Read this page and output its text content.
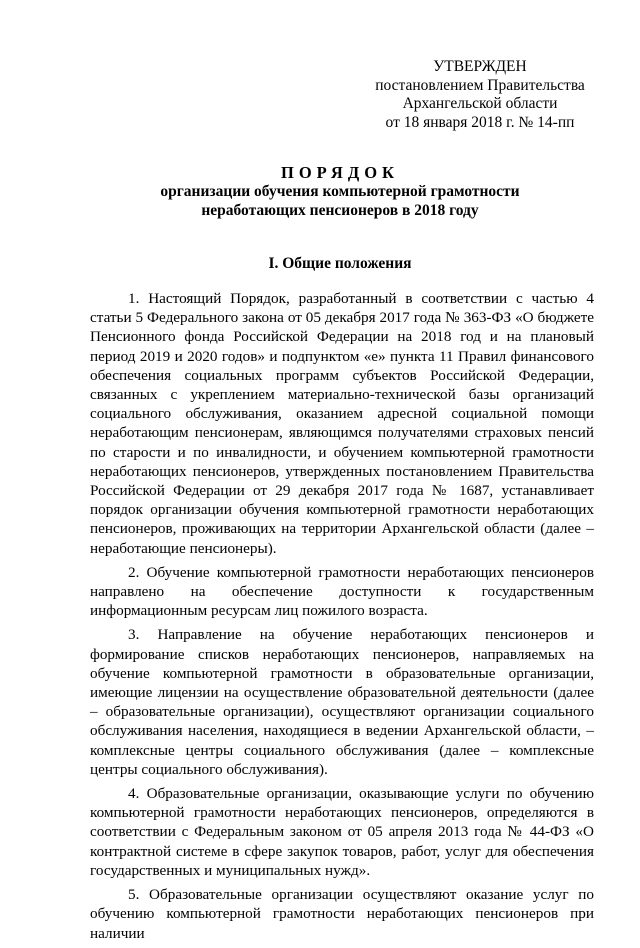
УТВЕРЖДЕН
постановлением Правительства
Архангельской области
от 18 января 2018 г. № 14-пп
ПОРЯДОК
организации обучения компьютерной грамотности
неработающих пенсионеров в 2018 году
I. Общие положения

1. Настоящий Порядок, разработанный в соответствии с частью 4 статьи 5 Федерального закона от 05 декабря 2017 года № 363-ФЗ «О бюджете Пенсионного фонда Российской Федерации на 2018 год и на плановый период 2019 и 2020 годов» и подпунктом «е» пункта 11 Правил финансового обеспечения социальных программ субъектов Российской Федерации, связанных с укреплением материально-технической базы организаций социального обслуживания, оказанием адресной социальной помощи неработающим пенсионерам, являющимся получателями страховых пенсий по старости и по инвалидности, и обучением компьютерной грамотности неработающих пенсионеров, утвержденных постановлением Правительства Российской Федерации от 29 декабря 2017 года № 1687, устанавливает порядок организации обучения компьютерной грамотности неработающих пенсионеров, проживающих на территории Архангельской области (далее – неработающие пенсионеры).

2. Обучение компьютерной грамотности неработающих пенсионеров направлено на обеспечение доступности к государственным информационным ресурсам лиц пожилого возраста.

3. Направление на обучение неработающих пенсионеров и формирование списков неработающих пенсионеров, направляемых на обучение компьютерной грамотности в образовательные организации, имеющие лицензии на осуществление образовательной деятельности (далее – образовательные организации), осуществляют организации социального обслуживания населения, находящиеся в ведении Архангельской области, – комплексные центры социального обслуживания (далее – комплексные центры социального обслуживания).

4. Образовательные организации, оказывающие услуги по обучению компьютерной грамотности неработающих пенсионеров, определяются в соответствии с Федеральным законом от 05 апреля 2013 года № 44-ФЗ «О контрактной системе в сфере закупок товаров, работ, услуг для обеспечения государственных и муниципальных нужд».

5. Образовательные организации осуществляют оказание услуг по обучению компьютерной грамотности неработающих пенсионеров при наличии
